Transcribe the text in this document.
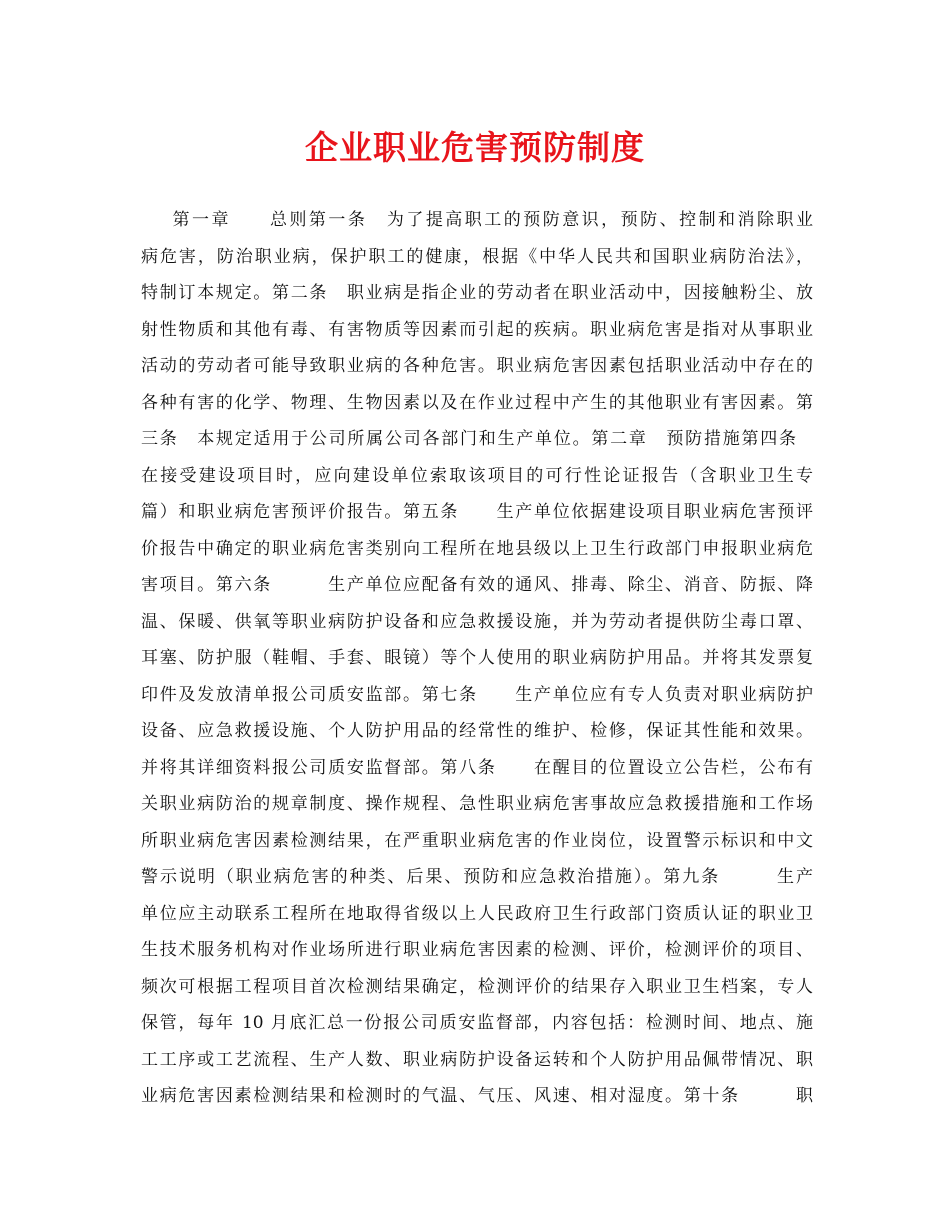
企业职业危害预防制度
第一章　　总则第一条　为了提高职工的预防意识，预防、控制和消除职业
病危害，防治职业病，保护职工的健康，根据《中华人民共和国职业病防治法》，
特制订本规定。第二条　职业病是指企业的劳动者在职业活动中，因接触粉尘、放
射性物质和其他有毒、有害物质等因素而引起的疾病。职业病危害是指对从事职业
活动的劳动者可能导致职业病的各种危害。职业病危害因素包括职业活动中存在的
各种有害的化学、物理、生物因素以及在作业过程中产生的其他职业有害因素。第
三条　本规定适用于公司所属公司各部门和生产单位。第二章　预防措施第四条　
在接受建设项目时，应向建设单位索取该项目的可行性论证报告（含职业卫生专
篇）和职业病危害预评价报告。第五条　　生产单位依据建设项目职业病危害预评
价报告中确定的职业病危害类别向工程所在地县级以上卫生行政部门申报职业病危
害项目。第六条　　　生产单位应配备有效的通风、排毒、除尘、消音、防振、降
温、保暖、供氧等职业病防护设备和应急救援设施，并为劳动者提供防尘毒口罩、
耳塞、防护服（鞋帽、手套、眼镜）等个人使用的职业病防护用品。并将其发票复
印件及发放清单报公司质安监部。第七条　　生产单位应有专人负责对职业病防护
设备、应急救援设施、个人防护用品的经常性的维护、检修，保证其性能和效果。
并将其详细资料报公司质安监督部。第八条　　在醒目的位置设立公告栏，公布有
关职业病防治的规章制度、操作规程、急性职业病危害事故应急救援措施和工作场
所职业病危害因素检测结果，在严重职业病危害的作业岗位，设置警示标识和中文
警示说明（职业病危害的种类、后果、预防和应急救治措施）。第九条　　　生产
单位应主动联系工程所在地取得省级以上人民政府卫生行政部门资质认证的职业卫
生技术服务机构对作业场所进行职业病危害因素的检测、评价，检测评价的项目、
频次可根据工程项目首次检测结果确定，检测评价的结果存入职业卫生档案，专人
保管，每年 10 月底汇总一份报公司质安监督部，内容包括：检测时间、地点、施
工工序或工艺流程、生产人数、职业病防护设备运转和个人防护用品佩带情况、职
业病危害因素检测结果和检测时的气温、气压、风速、相对湿度。第十条　　　职
